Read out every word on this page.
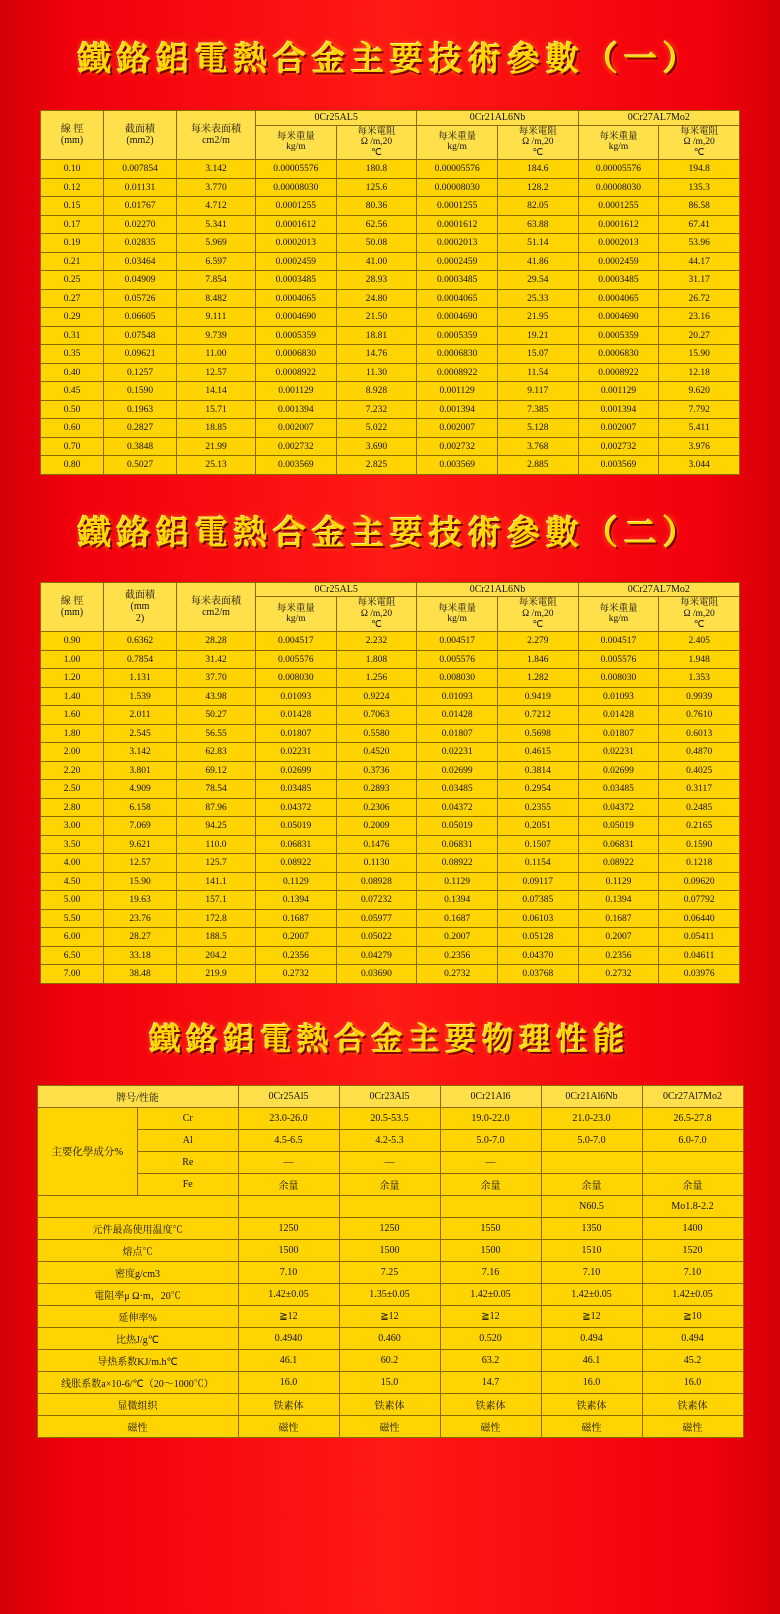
鐵鉻鋁電熱合金主要技術參數（一）
線 徑
(mm)

截面積
(mm2)

每米表面積
cm2/m
	0Cr25AL5	0Cr21AL6Nb	0Cr27AL7Mo2

每米重量
kg/m

每米電阻
Ω /m,20
℃

每米重量
kg/m

每米電阻
Ω /m,20
℃

每米重量
kg/m

每米電阻
Ω /m,20
℃

0.10	0.007854	3.142	0.00005576	180.8	0.00005576	184.6	0.00005576	194.8
0.12	0.01131	3.770	0.00008030	125.6	0.00008030	128.2	0.00008030	135.3
0.15	0.01767	4.712	0.0001255	80.36	0.0001255	82.05	0.0001255	86.58
0.17	0.02270	5.341	0.0001612	62.56	0.0001612	63.88	0.0001612	67.41
0.19	0.02835	5.969	0.0002013	50.08	0.0002013	51.14	0.0002013	53.96
0.21	0.03464	6.597	0.0002459	41.00	0.0002459	41.86	0.0002459	44.17
0.25	0.04909	7.854	0.0003485	28.93	0.0003485	29.54	0.0003485	31.17
0.27	0.05726	8.482	0.0004065	24.80	0.0004065	25.33	0.0004065	26.72
0.29	0.06605	9.111	0.0004690	21.50	0.0004690	21.95	0.0004690	23.16
0.31	0.07548	9.739	0.0005359	18.81	0.0005359	19.21	0.0005359	20.27
0.35	0.09621	11.00	0.0006830	14.76	0.0006830	15.07	0.0006830	15.90
0.40	0.1257	12.57	0.0008922	11.30	0.0008922	11.54	0.0008922	12.18
0.45	0.1590	14.14	0.001129	8.928	0.001129	9.117	0.001129	9.620
0.50	0.1963	15.71	0.001394	7.232	0.001394	7.385	0.001394	7.792
0.60	0.2827	18.85	0.002007	5.022	0.002007	5.128	0.002007	5.411
0.70	0.3848	21.99	0.002732	3.690	0.002732	3.768	0.002732	3.976
0.80	0.5027	25.13	0.003569	2.825	0.003569	2.885	0.003569	3.044
鐵鉻鋁電熱合金主要技術參數（二）
線 徑
(mm)

截面積
(mm
2)

每米表面積
cm2/m
	0Cr25AL5	0Cr21AL6Nb	0Cr27AL7Mo2

每米重量
kg/m

每米電阻
Ω /m,20
℃

每米重量
kg/m

每米電阻
Ω /m,20
℃

每米重量
kg/m

每米電阻
Ω /m,20
℃

0.90	0.6362	28.28	0.004517	2.232	0.004517	2.279	0.004517	2.405
1.00	0.7854	31.42	0.005576	1.808	0.005576	1.846	0.005576	1.948
1.20	1.131	37.70	0.008030	1.256	0.008030	1.282	0.008030	1.353
1.40	1.539	43.98	0.01093	0.9224	0.01093	0.9419	0.01093	0.9939
1.60	2.011	50.27	0.01428	0.7063	0.01428	0.7212	0.01428	0.7610
1.80	2.545	56.55	0.01807	0.5580	0.01807	0.5698	0.01807	0.6013
2.00	3.142	62.83	0.02231	0.4520	0.02231	0.4615	0.02231	0.4870
2.20	3.801	69.12	0.02699	0.3736	0.02699	0.3814	0.02699	0.4025
2.50	4.909	78.54	0.03485	0.2893	0.03485	0.2954	0.03485	0.3117
2.80	6.158	87.96	0.04372	0.2306	0.04372	0.2355	0.04372	0.2485
3.00	7.069	94.25	0.05019	0.2009	0.05019	0.2051	0.05019	0.2165
3.50	9.621	110.0	0.06831	0.1476	0.06831	0.1507	0.06831	0.1590
4.00	12.57	125.7	0.08922	0.1130	0.08922	0.1154	0.08922	0.1218
4.50	15.90	141.1	0.1129	0.08928	0.1129	0.09117	0.1129	0.09620
5.00	19.63	157.1	0.1394	0.07232	0.1394	0.07385	0.1394	0.07792
5.50	23.76	172.8	0.1687	0.05977	0.1687	0.06103	0.1687	0.06440
6.00	28.27	188.5	0.2007	0.05022	0.2007	0.05128	0.2007	0.05411
6.50	33.18	204.2	0.2356	0.04279	0.2356	0.04370	0.2356	0.04611
7.00	38.48	219.9	0.2732	0.03690	0.2732	0.03768	0.2732	0.03976
鐵鉻鋁電熱合金主要物理性能
牌号/性能		0Cr25Al5	0Cr23Al5	0Cr21Al6	0Cr21Al6Nb	0Cr27Al7Mo2
主要化學成分%	Cr	23.0-26.0	20.5-53.5	19.0-22.0	21.0-23.0	26.5-27.8
	Al	4.5-6.5	4.2-5.3	5.0-7.0	5.0-7.0	6.0-7.0
	Re	—	—	—		
	Fe	余量	余量	余量	余量	余量
					N60.5	Mo1.8-2.2
元件最高使用温度℃		1250	1250	1550	1350	1400
熔点℃		1500	1500	1500	1510	1520
密度g/cm3		7.10	7.25	7.16	7.10	7.10
電阻率μ Ω·m，20℃		1.42±0.05	1.35±0.05	1.42±0.05	1.42±0.05	1.42±0.05
延伸率%		≧12	≧12	≧12	≧12	≧10
比热J/g℃		0.4940	0.460	0.520	0.494	0.494
导热系数KJ/m.h℃		46.1	60.2	63.2	46.1	45.2
线胀系数a×10-6/℃（20～1000℃）		16.0	15.0	14.7	16.0	16.0
显微组织		铁素体	铁素体	铁素体	铁素体	铁素体
磁性		磁性	磁性	磁性	磁性	磁性
